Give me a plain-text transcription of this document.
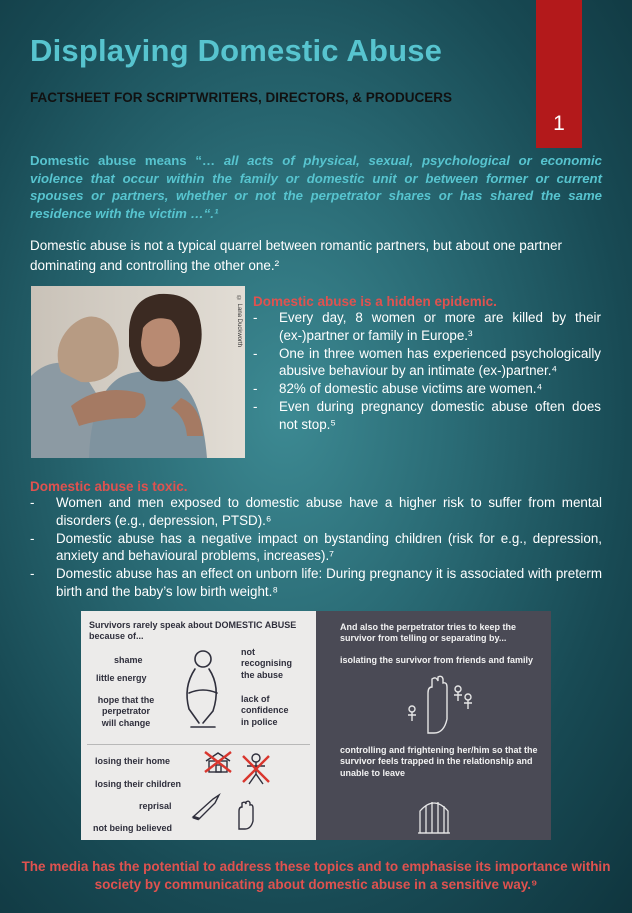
1
Displaying Domestic Abuse
FACTSHEET FOR SCRIPTWRITERS, DIRECTORS, & PRODUCERS
Domestic abuse means “… all acts of physical, sexual, psychological or economic violence that occur within the family or domestic unit or between former or current spouses or partners, whether or not the perpetrator shares or has shared the same residence with the victim …“.¹
Domestic abuse is not a typical quarrel between romantic partners, but about one partner dominating and controlling the other one.²
© Lana Duckworth Domestic abuse is a hidden epidemic.
- Every day, 8 women or more are killed by their (ex-)partner or family in Europe.³
- One in three women has experienced psychologically abusive behaviour by an intimate (ex-)partner.⁴
- 82% of domestic abuse victims are women.⁴
- Even during pregnancy domestic abuse often does not stop.⁵
Domestic abuse is toxic.
- Women and men exposed to domestic abuse have a higher risk to suffer from mental disorders (e.g., depression, PTSD).⁶
- Domestic abuse has a negative impact on bystanding children (risk for e.g., depression, anxiety and behavioural problems, increases).⁷
- Domestic abuse has an effect on unborn life: During pregnancy it is associated with preterm birth and the baby’s low birth weight.⁸
Survivors rarely speak about DOMESTIC ABUSE
because of...
shame
little energy
hope that the perpetrator will change
not recognising the abuse
lack of confidence in police
losing their home
losing their children
reprisal
not being believed
And also the perpetrator tries to keep the survivor from telling or separating by...
isolating the survivor from friends and family
controlling and frightening her/him so that the survivor feels trapped in the relationship and unable to leave
The media has the potential to address these topics and to emphasise its importance within society by communicating about domestic abuse in a sensitive way.⁹
